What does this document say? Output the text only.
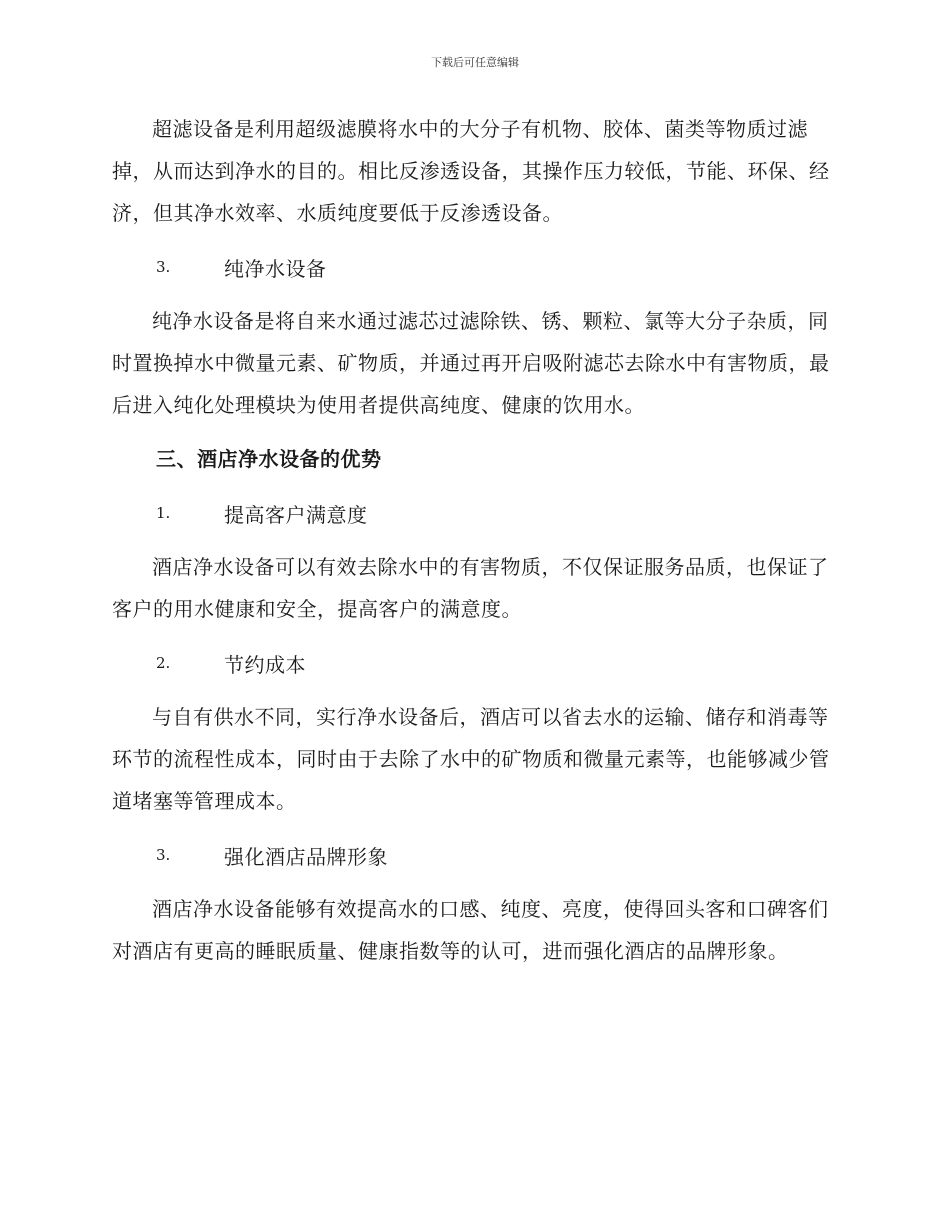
下载后可任意编辑

超滤设备是利用超级滤膜将水中的大分子有机物、胶体、菌类等物质过滤掉，从而达到净水的目的。相比反渗透设备，其操作压力较低，节能、环保、经济，但其净水效率、水质纯度要低于反渗透设备。

3.	纯净水设备

纯净水设备是将自来水通过滤芯过滤除铁、锈、颗粒、氯等大分子杂质，同时置换掉水中微量元素、矿物质，并通过再开启吸附滤芯去除水中有害物质，最后进入纯化处理模块为使用者提供高纯度、健康的饮用水。

三、酒店净水设备的优势
1.	提高客户满意度

酒店净水设备可以有效去除水中的有害物质，不仅保证服务品质，也保证了客户的用水健康和安全，提高客户的满意度。

2.	节约成本

与自有供水不同，实行净水设备后，酒店可以省去水的运输、储存和消毒等环节的流程性成本，同时由于去除了水中的矿物质和微量元素等，也能够减少管道堵塞等管理成本。

3.	强化酒店品牌形象

酒店净水设备能够有效提高水的口感、纯度、亮度，使得回头客和口碑客们对酒店有更高的睡眠质量、健康指数等的认可，进而强化酒店的品牌形象。
